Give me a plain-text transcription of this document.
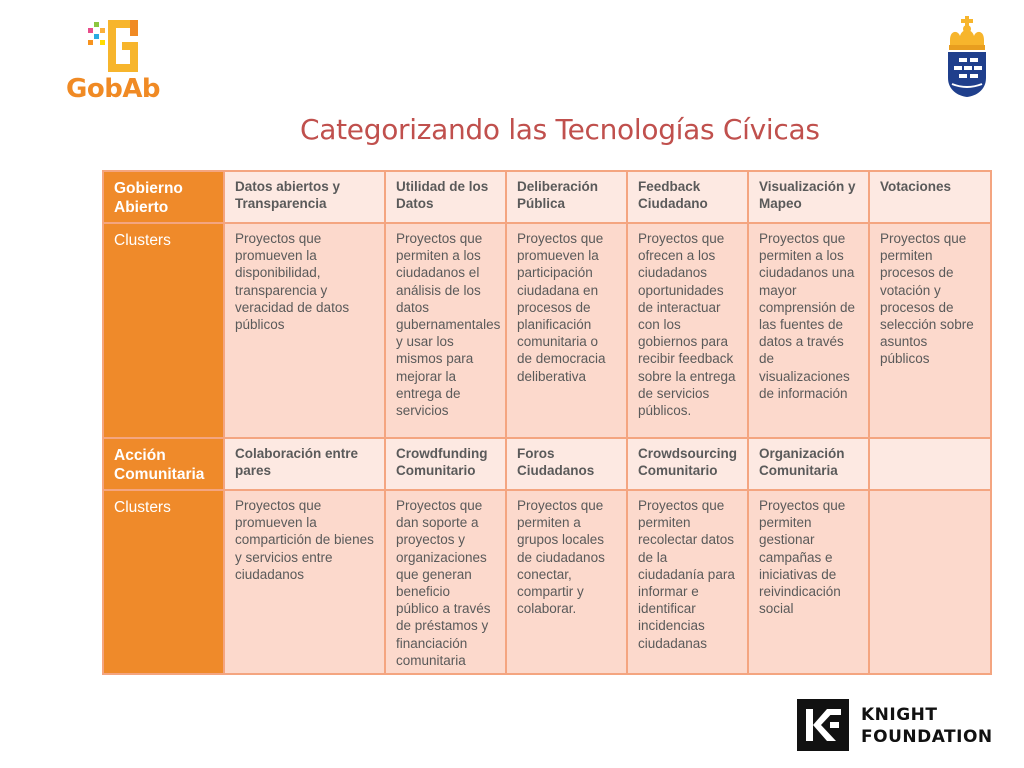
GobAb
Categorizando las Tecnologías Cívicas
Gobierno Abierto	Datos abiertos y Transparencia	Utilidad de los Datos	Deliberación Pública	Feedback Ciudadano	Visualización y Mapeo	Votaciones
Clusters	Proyectos que promueven la disponibilidad, transparencia y veracidad de datos públicos	Proyectos que permiten a los ciudadanos el análisis de los datos gubernamentales y usar los mismos para mejorar la entrega de servicios	Proyectos que promueven la participación ciudadana en procesos de planificación comunitaria o de democracia deliberativa	Proyectos que ofrecen a los ciudadanos oportunidades de interactuar con los gobiernos para recibir feedback sobre la entrega de servicios públicos.	Proyectos que permiten a los ciudadanos una mayor comprensión de las fuentes de datos a través de visualizaciones de información	Proyectos que permiten procesos de votación y procesos de selección sobre asuntos públicos
Acción Comunitaria	Colaboración entre pares	Crowdfunding Comunitario	Foros Ciudadanos	Crowdsourcing Comunitario	Organización Comunitaria	
Clusters	Proyectos que promueven la compartición de bienes y servicios entre ciudadanos	Proyectos que dan soporte a proyectos y organizaciones que generan beneficio público a través de préstamos y financiación comunitaria	Proyectos que permiten a grupos locales de ciudadanos conectar, compartir y colaborar.	Proyectos que permiten recolectar datos de la ciudadanía para informar e identificar incidencias ciudadanas	Proyectos que permiten gestionar campañas e iniciativas de reivindicación social	
KNIGHT
FOUNDATION
